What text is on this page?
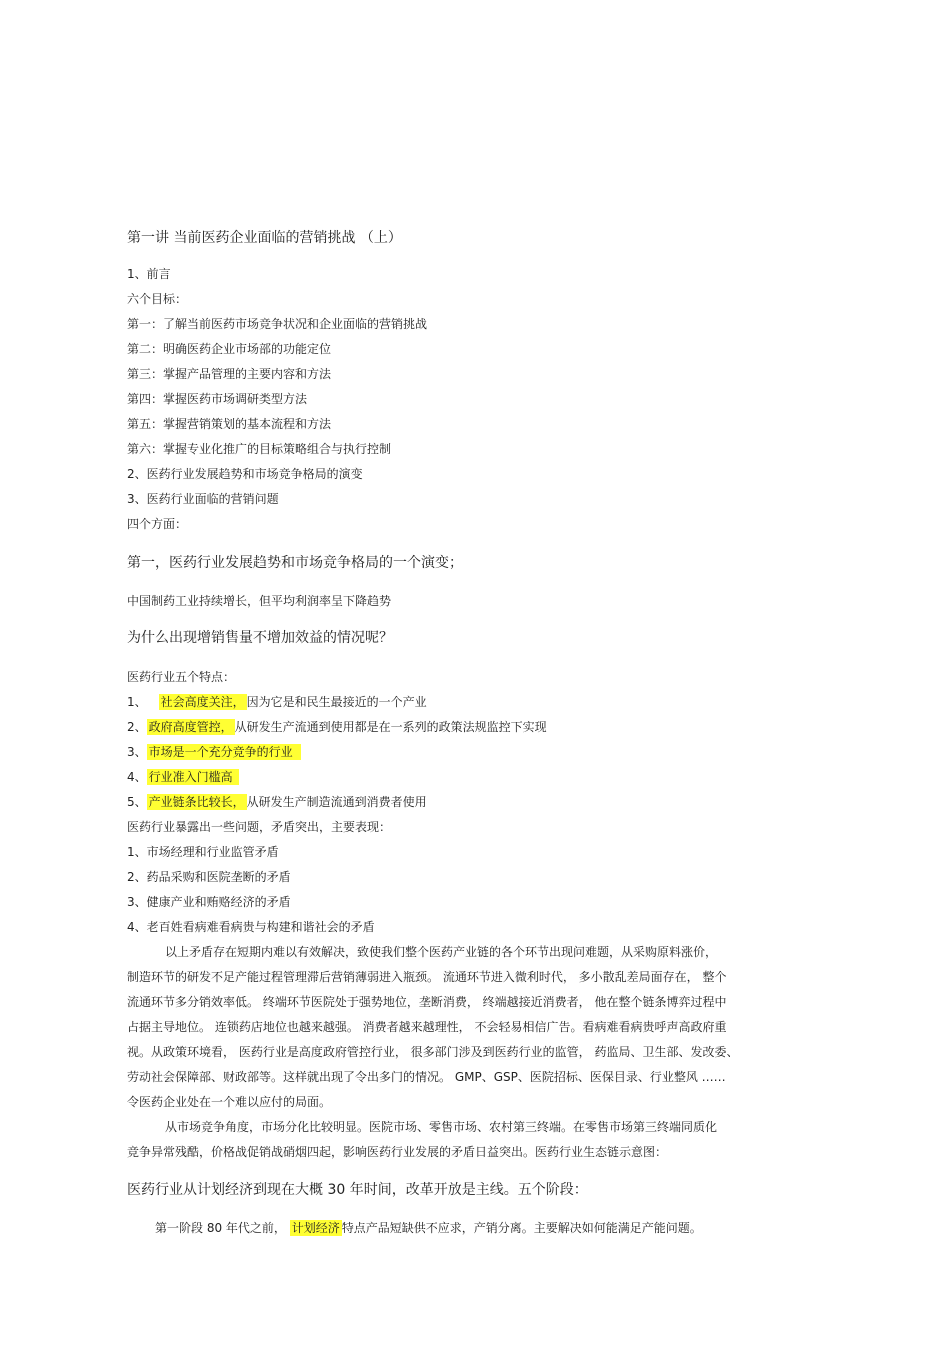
第一讲 当前医药企业面临的营销挑战 （上）
1、前言
六个目标：
第一：了解当前医药市场竞争状况和企业面临的营销挑战
第二：明确医药企业市场部的功能定位
第三：掌握产品管理的主要内容和方法
第四：掌握医药市场调研类型方法
第五：掌握营销策划的基本流程和方法
第六：掌握专业化推广的目标策略组合与执行控制
2、医药行业发展趋势和市场竞争格局的演变
3、医药行业面临的营销问题
四个方面：
第一，医药行业发展趋势和市场竞争格局的一个演变；
中国制药工业持续增长，但平均利润率呈下降趋势
为什么出现增销售量不增加效益的情况呢？
医药行业五个特点：
1、 社会高度关注， 因为它是和民生最接近的一个产业
2、 政府高度管控， 从研发生产流通到使用都是在一系列的政策法规监控下实现
3、 市场是一个充分竞争的行业
4、 行业准入门槛高
5、 产业链条比较长， 从研发生产制造流通到消费者使用
医药行业暴露出一些问题，矛盾突出，主要表现：
1、市场经理和行业监管矛盾
2、药品采购和医院垄断的矛盾
3、健康产业和贿赂经济的矛盾
4、老百姓看病难看病贵与构建和谐社会的矛盾
以上矛盾存在短期内难以有效解决，致使我们整个医药产业链的各个环节出现问难题，从采购原料涨价，
制造环节的研发不足产能过程管理滞后营销薄弱进入瓶颈。 流通环节进入微利时代， 多小散乱差局面存在， 整个
流通环节多分销效率低。 终端环节医院处于强势地位，垄断消费， 终端越接近消费者， 他在整个链条博弈过程中
占据主导地位。 连锁药店地位也越来越强。 消费者越来越理性， 不会轻易相信广告。看病难看病贵呼声高政府重
视。从政策环境看， 医药行业是高度政府管控行业， 很多部门涉及到医药行业的监管， 药监局、卫生部、发改委、
劳动社会保障部、财政部等。这样就出现了令出多门的情况。 GMP、GSP、医院招标、医保目录、行业整风 ……
令医药企业处在一个难以应付的局面。
从市场竞争角度，市场分化比较明显。医院市场、零售市场、农村第三终端。在零售市场第三终端同质化
竞争异常残酷，价格战促销战硝烟四起，影响医药行业发展的矛盾日益突出。医药行业生态链示意图：
医药行业从计划经济到现在大概 30 年时间，改革开放是主线。五个阶段：
第一阶段 80 年代之前， 计划经济 特点产品短缺供不应求，产销分离。主要解决如何能满足产能问题。
